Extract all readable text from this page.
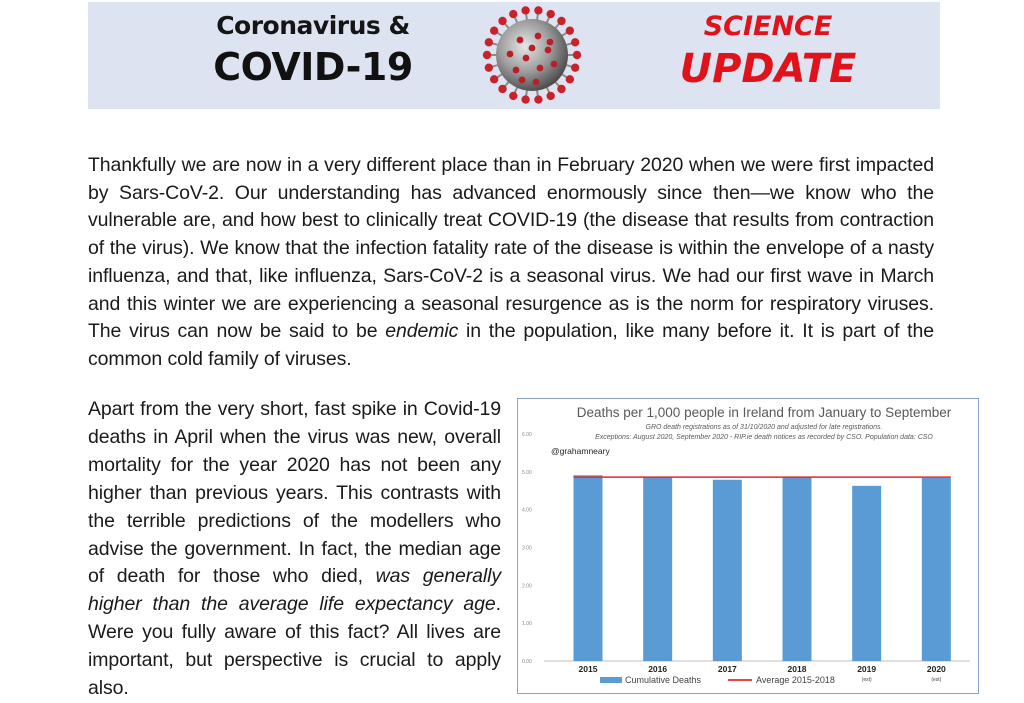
Coronavirus &
COVID-19
SCIENCE
UPDATE
Thankfully we are now in a very different place than in February 2020 when we were first impacted by Sars-CoV-2. Our understanding has advanced enormously since then—we know who the vulnerable are, and how best to clinically treat COVID-19 (the disease that results from contraction of the virus). We know that the infection fatality rate of the disease is within the envelope of a nasty influenza, and that, like influenza, Sars-CoV-2 is a seasonal virus. We had our first wave in March and this winter we are experiencing a seasonal resurgence as is the norm for respiratory viruses. The virus can now be said to be endemic in the population, like many before it. It is part of the common cold family of viruses.
Apart from the very short, fast spike in Covid-19 deaths in April when the virus was new, overall mortality for the year 2020 has not been any higher than previous years. This contrasts with the terrible predictions of the modellers who advise the government. In fact, the median age of death for those who died, was generally higher than the average life expectancy age. Were you fully aware of this fact? All lives are important, but perspective is crucial to apply also.
Deaths per 1,000 people in Ireland from January to September
GRO death registrations as of 31/10/2020 and adjusted for late registrations.
Exceptions: August 2020, September 2020 - RIP.ie death notices as recorded by CSO. Population data: CSO
@grahamneary
0.00
1.00
2.00
3.00
4.00
5.00
6.00
2015	2016	2017	2018	2019
(est)
2020
(est)
Cumulative Deaths	Average 2015-2018
